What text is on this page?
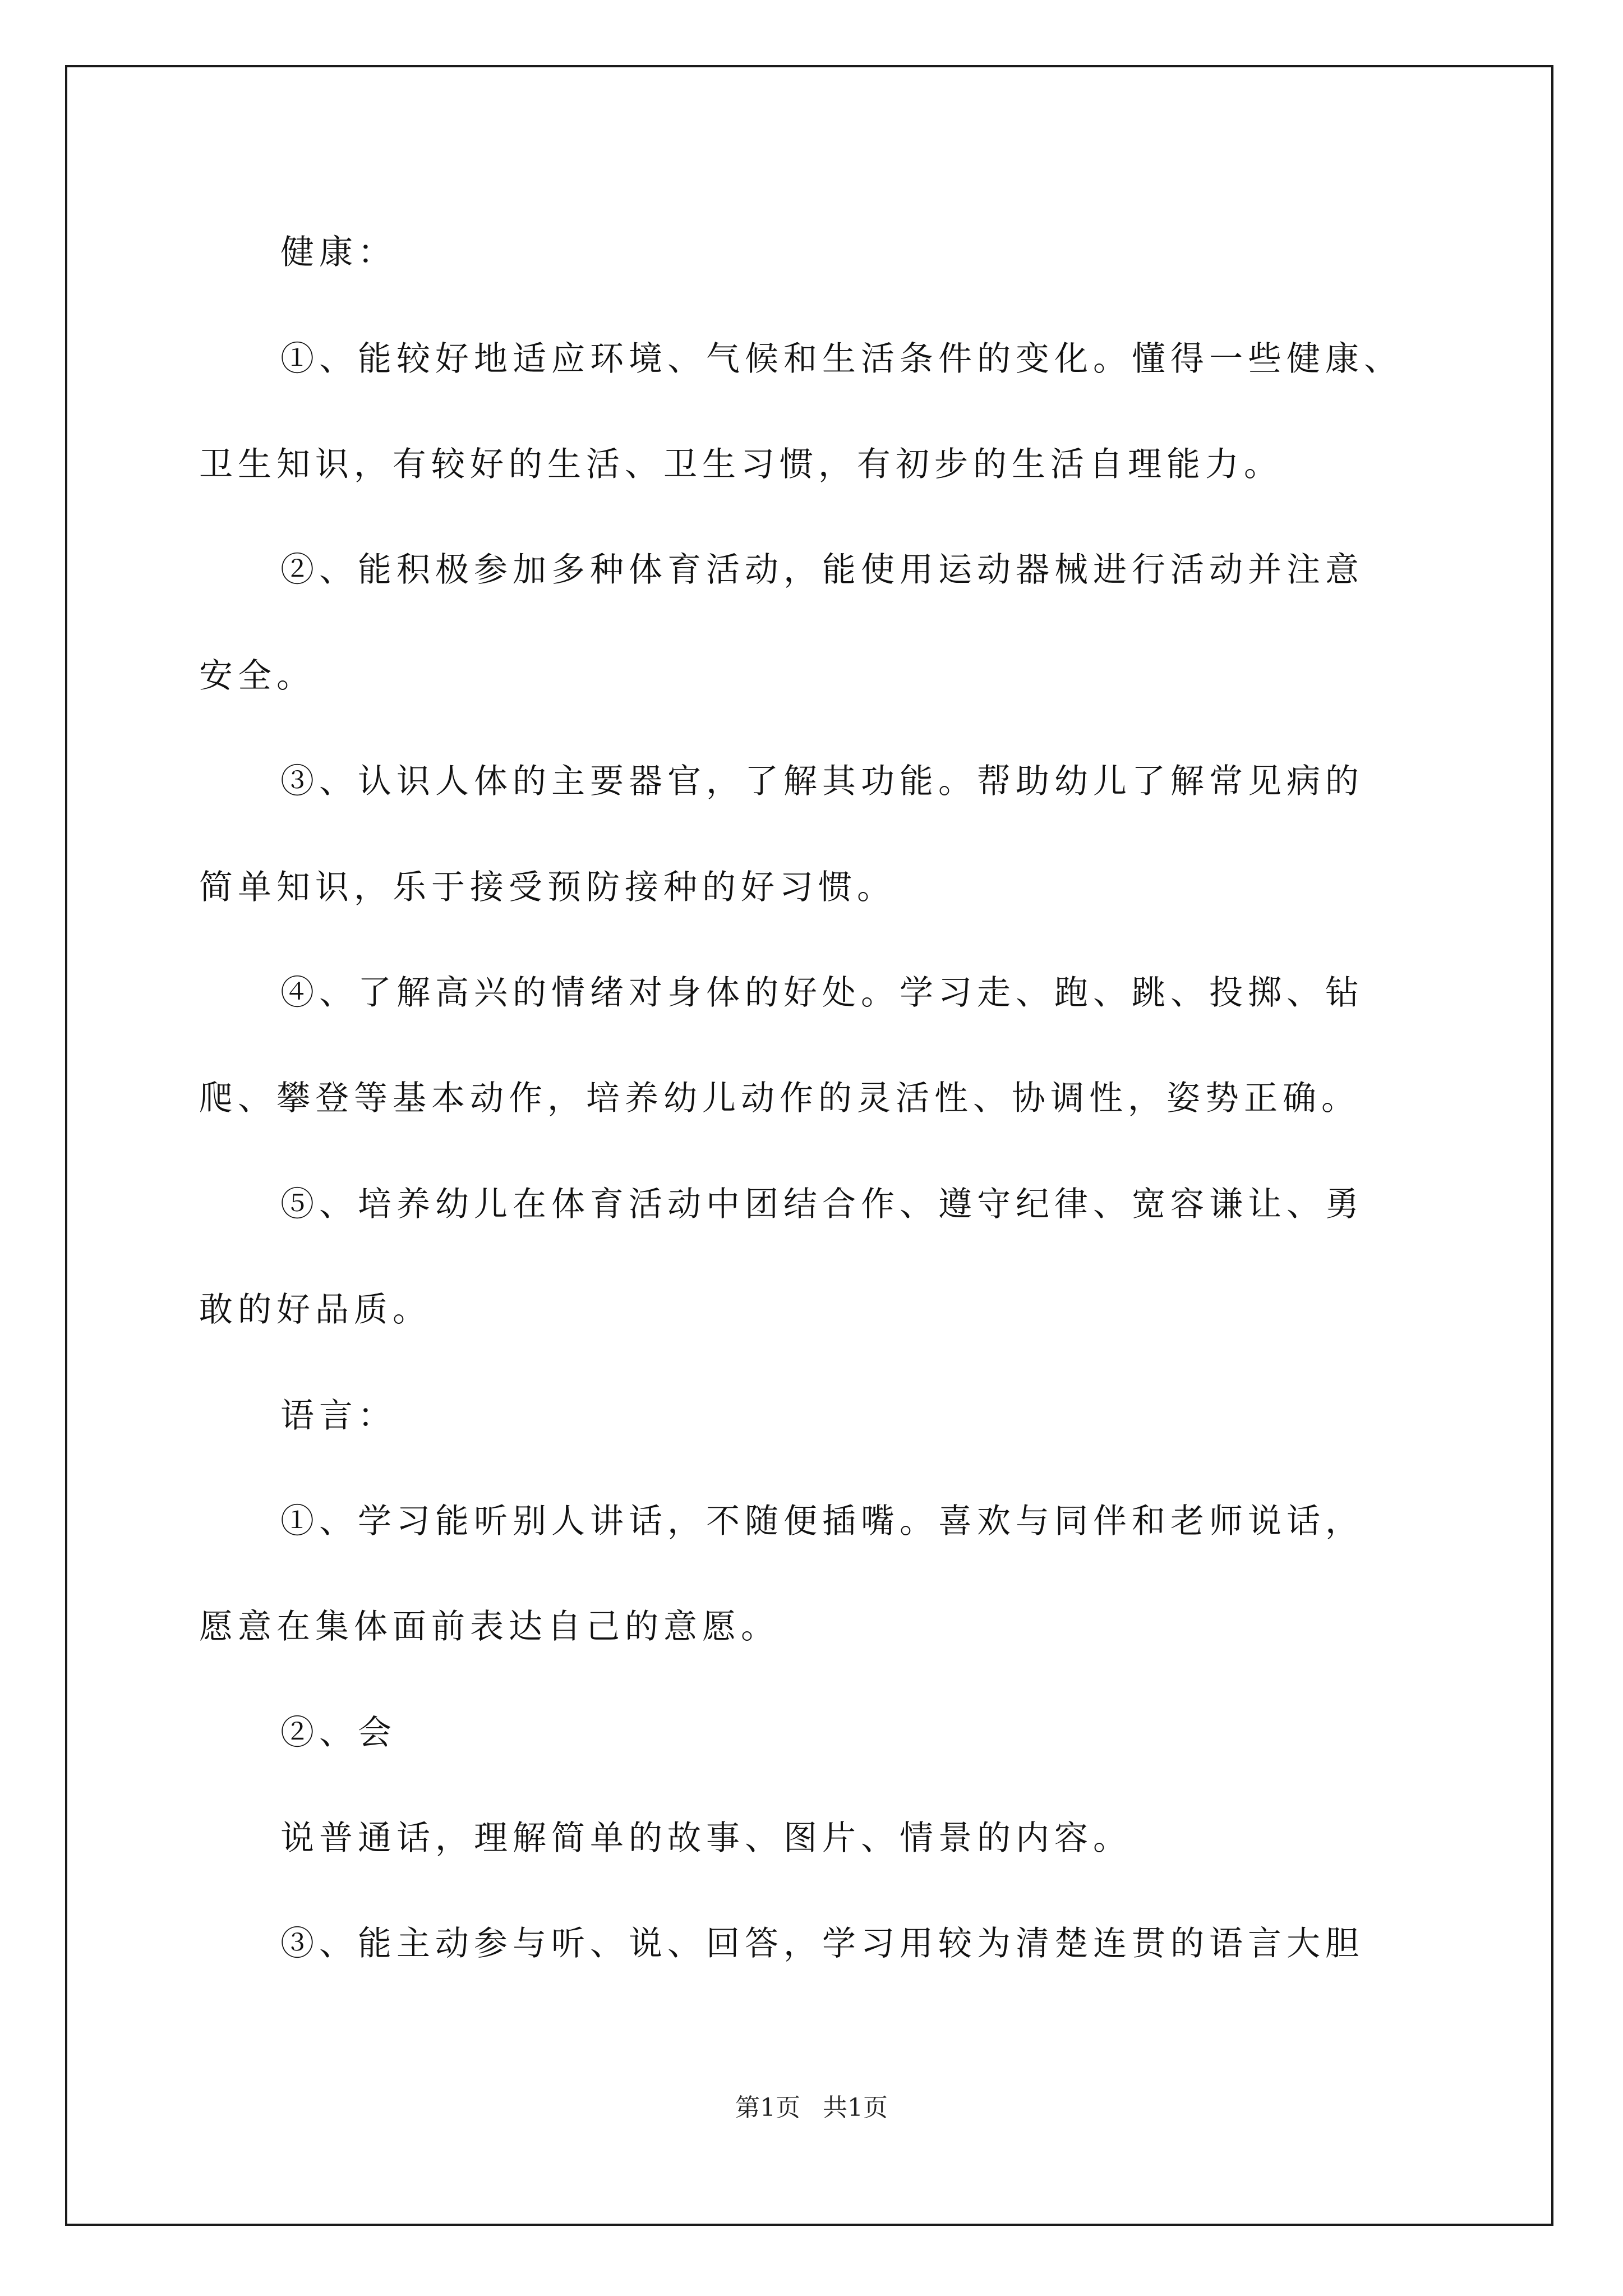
健康：
①、能较好地适应环境、气候和生活条件的变化。懂得一些健康、
卫生知识，有较好的生活、卫生习惯，有初步的生活自理能力。
②、能积极参加多种体育活动，能使用运动器械进行活动并注意
安全。
③、认识人体的主要器官，了解其功能。帮助幼儿了解常见病的
简单知识，乐于接受预防接种的好习惯。
④、了解高兴的情绪对身体的好处。学习走、跑、跳、投掷、钻
爬、攀登等基本动作，培养幼儿动作的灵活性、协调性，姿势正确。
⑤、培养幼儿在体育活动中团结合作、遵守纪律、宽容谦让、勇
敢的好品质。
语言：
①、学习能听别人讲话，不随便插嘴。喜欢与同伴和老师说话，
愿意在集体面前表达自己的意愿。
②、会
说普通话，理解简单的故事、图片、情景的内容。
③、能主动参与听、说、回答，学习用较为清楚连贯的语言大胆
第1页 共1页
